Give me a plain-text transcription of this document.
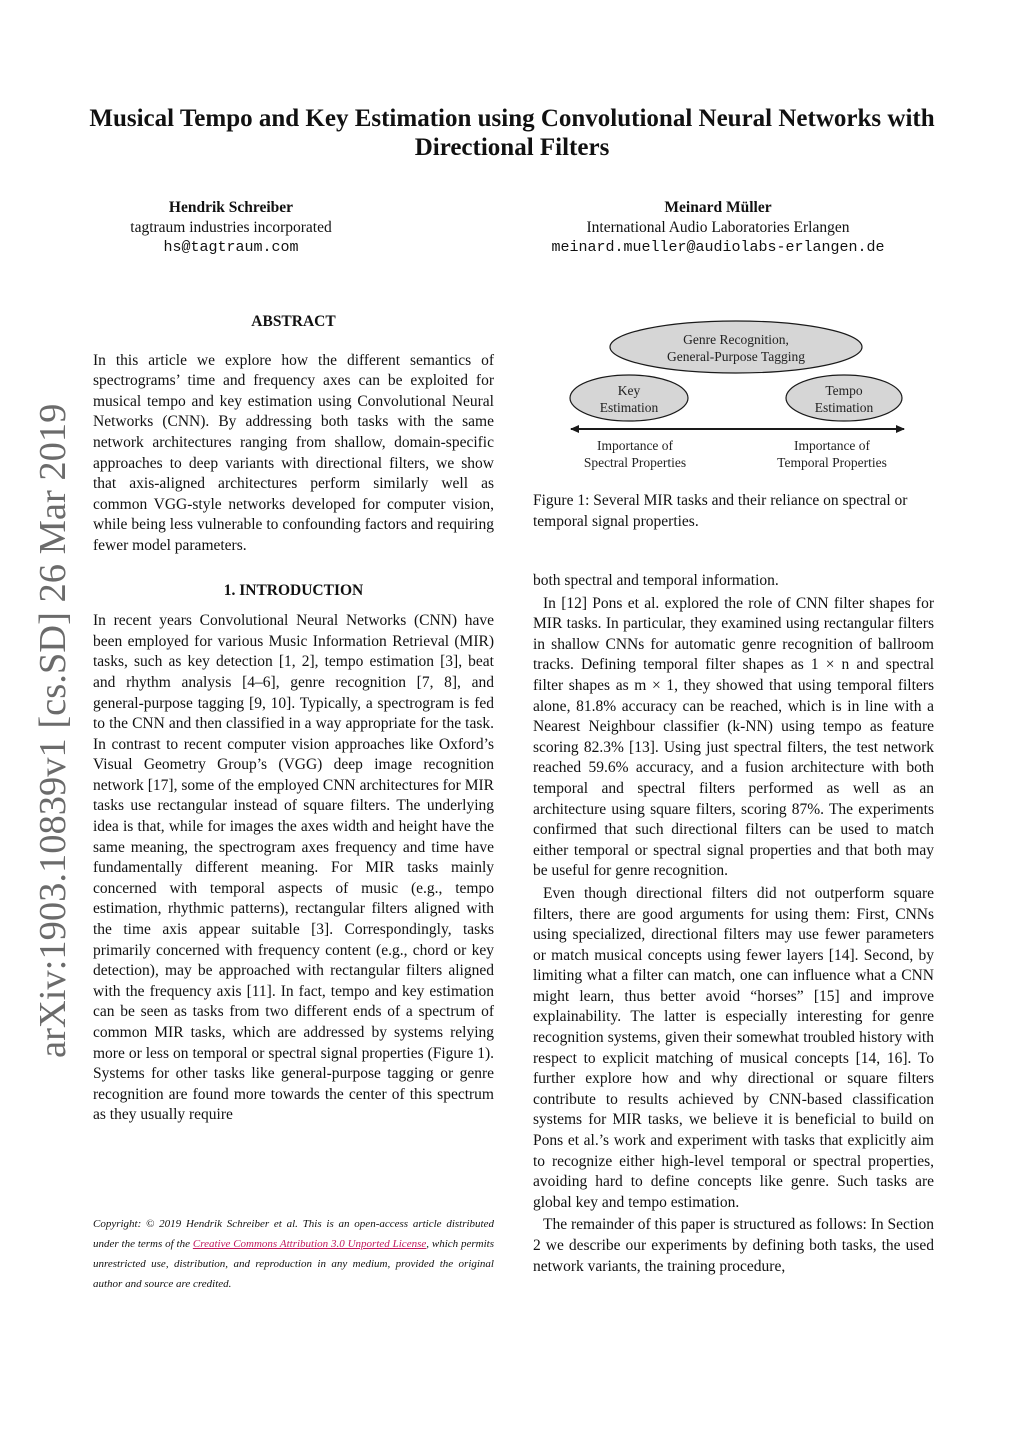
Musical Tempo and Key Estimation using Convolutional Neural Networks with Directional Filters
Hendrik Schreiber
tagtraum industries incorporated
hs@tagtraum.com
Meinard Müller
International Audio Laboratories Erlangen
meinard.mueller@audiolabs-erlangen.de
arXiv:1903.10839v1 [cs.SD] 26 Mar 2019
ABSTRACT

In this article we explore how the different semantics of spectrograms’ time and frequency axes can be exploited for musical tempo and key estimation using Convolutional Neural Networks (CNN). By addressing both tasks with the same network architectures ranging from shallow, domain-specific approaches to deep variants with directional filters, we show that axis-aligned architectures perform similarly well as common VGG-style networks developed for computer vision, while being less vulnerable to confounding factors and requiring fewer model parameters.

1. INTRODUCTION

In recent years Convolutional Neural Networks (CNN) have been employed for various Music Information Retrieval (MIR) tasks, such as key detection [1, 2], tempo estimation [3], beat and rhythm analysis [4–6], genre recognition [7, 8], and general-purpose tagging [9, 10]. Typically, a spectrogram is fed to the CNN and then classified in a way appropriate for the task. In contrast to recent computer vision approaches like Oxford’s Visual Geometry Group’s (VGG) deep image recognition network [17], some of the employed CNN architectures for MIR tasks use rectangular instead of square filters. The underlying idea is that, while for images the axes width and height have the same meaning, the spectrogram axes frequency and time have fundamentally different meaning. For MIR tasks mainly concerned with temporal aspects of music (e.g., tempo estimation, rhythmic patterns), rectangular filters aligned with the time axis appear suitable [3]. Correspondingly, tasks primarily concerned with frequency content (e.g., chord or key detection), may be approached with rectangular filters aligned with the frequency axis [11]. In fact, tempo and key estimation can be seen as tasks from two different ends of a spectrum of common MIR tasks, which are addressed by systems relying more or less on temporal or spectral signal properties (Figure 1). Systems for other tasks like general-purpose tagging or genre recognition are found more towards the center of this spectrum as they usually require

Copyright: © 2019 Hendrik Schreiber et al. This is an open-access article distributed under the terms of the Creative Commons Attribution 3.0 Unported License, which permits unrestricted use, distribution, and reproduction in any medium, provided the original author and source are credited.
Genre Recognition,
General-Purpose Tagging
Key
Estimation
Tempo
Estimation
Importance of
Spectral Properties
Importance of
Temporal Properties
Figure 1: Several MIR tasks and their reliance on spectral or temporal signal properties.

both spectral and temporal information.

In [12] Pons et al. explored the role of CNN filter shapes for MIR tasks. In particular, they examined using rectangular filters in shallow CNNs for automatic genre recognition of ballroom tracks. Defining temporal filter shapes as 1 × n and spectral filter shapes as m × 1, they showed that using temporal filters alone, 81.8% accuracy can be reached, which is in line with a Nearest Neighbour classifier (k-NN) using tempo as feature scoring 82.3% [13]. Using just spectral filters, the test network reached 59.6% accuracy, and a fusion architecture with both temporal and spectral filters performed as well as an architecture using square filters, scoring 87%. The experiments confirmed that such directional filters can be used to match either temporal or spectral signal properties and that both may be useful for genre recognition.

Even though directional filters did not outperform square filters, there are good arguments for using them: First, CNNs using specialized, directional filters may use fewer parameters or match musical concepts using fewer layers [14]. Second, by limiting what a filter can match, one can influence what a CNN might learn, thus better avoid “horses” [15] and improve explainability. The latter is especially interesting for genre recognition systems, given their somewhat troubled history with respect to explicit matching of musical concepts [14, 16]. To further explore how and why directional or square filters contribute to results achieved by CNN-based classification systems for MIR tasks, we believe it is beneficial to build on Pons et al.’s work and experiment with tasks that explicitly aim to recognize either high-level temporal or spectral properties, avoiding hard to define concepts like genre. Such tasks are global key and tempo estimation.

The remainder of this paper is structured as follows: In Section 2 we describe our experiments by defining both tasks, the used network variants, the training procedure,
